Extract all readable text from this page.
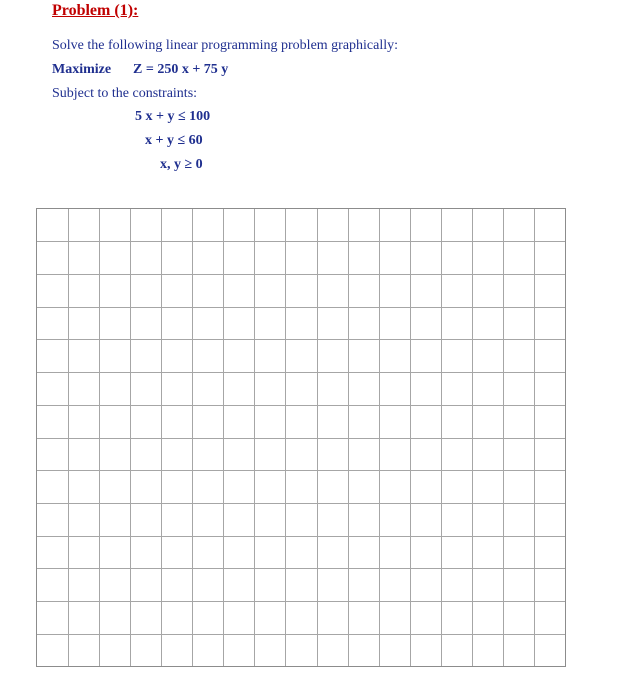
Problem (1):
Solve the following linear programming problem graphically:
Maximize Z = 250 x + 75 y
Subject to the constraints:
5 x + y ≤ 100
x + y ≤ 60
x, y ≥ 0
